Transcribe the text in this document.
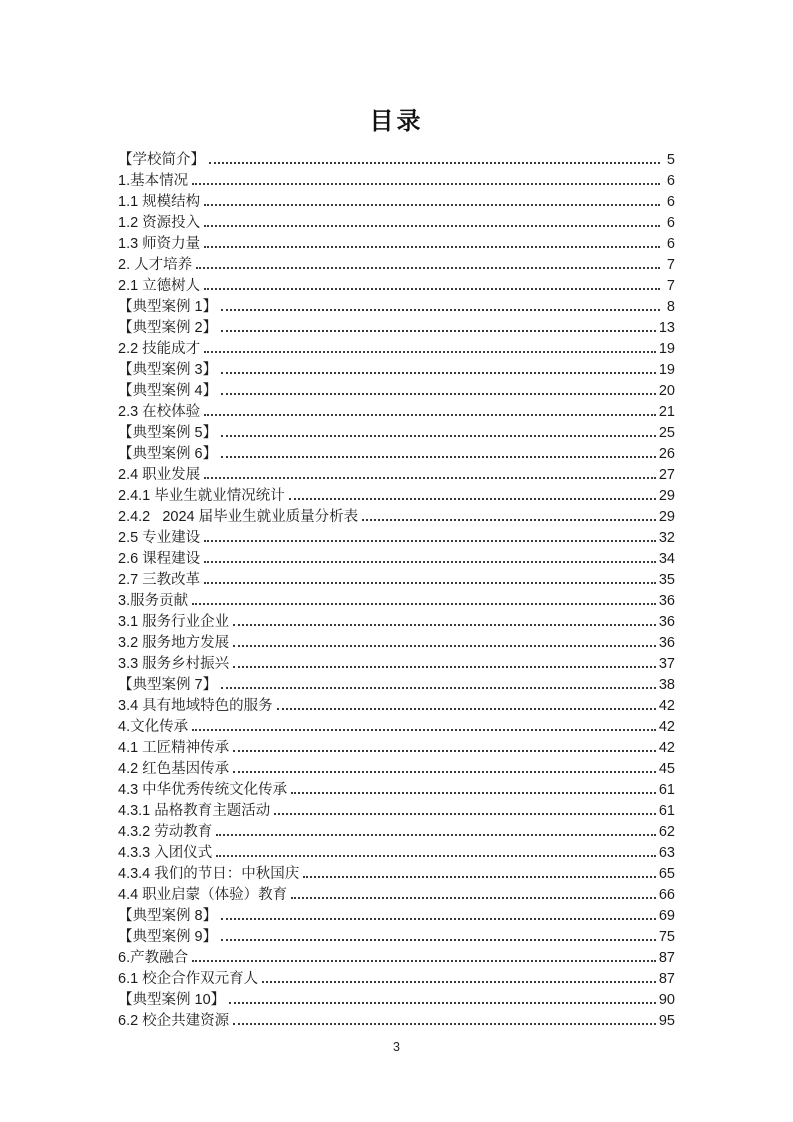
目录
【学校简介】	5
1.基本情况	6
1.1 规模结构	6
1.2 资源投入	6
1.3 师资力量	6
2. 人才培养	7
2.1 立德树人	7
【典型案例 1】	8
【典型案例 2】	13
2.2 技能成才	19
【典型案例 3】	19
【典型案例 4】	20
2.3 在校体验	21
【典型案例 5】	25
【典型案例 6】	26
2.4 职业发展	27
2.4.1 毕业生就业情况统计	29
2.4.2   2024 届毕业生就业质量分析表	29
2.5 专业建设	32
2.6 课程建设	34
2.7 三教改革	35
3.服务贡献	36
3.1 服务行业企业	36
3.2 服务地方发展	36
3.3 服务乡村振兴	37
【典型案例 7】	38
3.4 具有地域特色的服务	42
4.文化传承	42
4.1 工匠精神传承	42
4.2 红色基因传承	45
4.3 中华优秀传统文化传承	61
4.3.1 品格教育主题活动	61
4.3.2 劳动教育	62
4.3.3 入团仪式	63
4.3.4 我们的节日：中秋国庆	65
4.4 职业启蒙（体验）教育	66
【典型案例 8】	69
【典型案例 9】	75
6.产教融合	87
6.1 校企合作双元育人	87
【典型案例 10】	90
6.2 校企共建资源	95
3
